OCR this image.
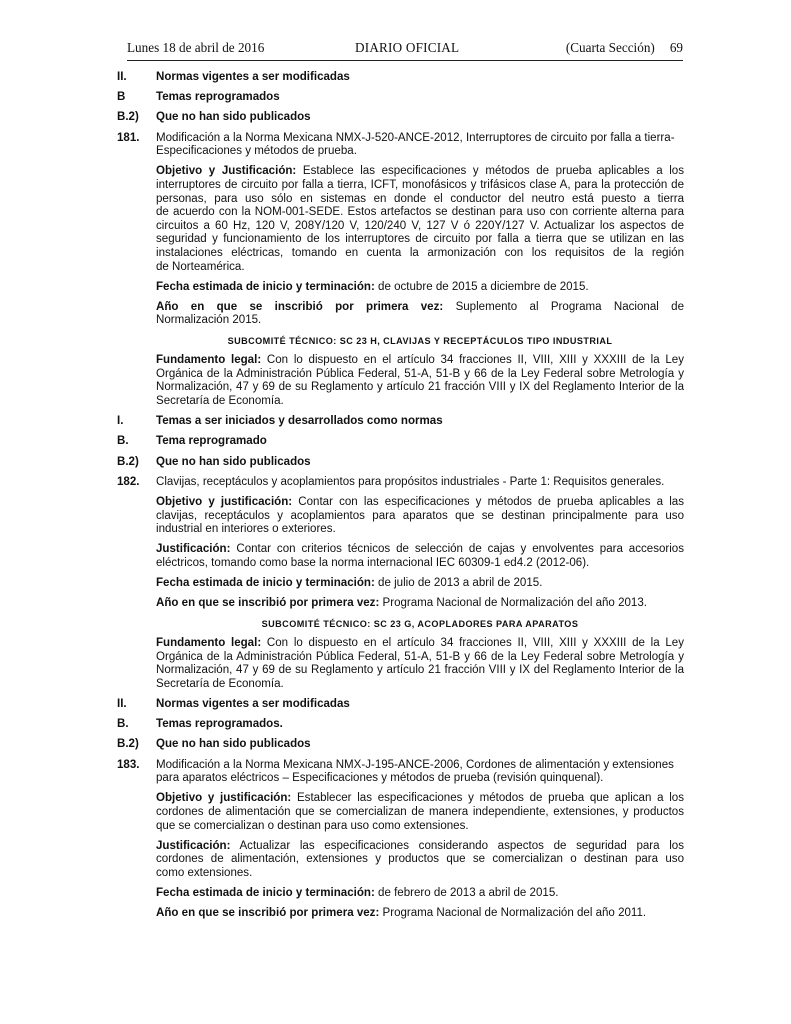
Lunes 18 de abril de 2016	DIARIO OFICIAL	(Cuarta Sección) 69
II.	Normas vigentes a ser modificadas
B	Temas reprogramados
B.2)	Que no han sido publicados
181.	Modificación a la Norma Mexicana NMX-J-520-ANCE-2012, Interruptores de circuito por falla a tierra-
Especificaciones y métodos de prueba.
Objetivo y Justificación: Establece las especificaciones y métodos de prueba aplicables a los
interruptores de circuito por falla a tierra, ICFT, monofásicos y trifásicos clase A, para la protección de
personas, para uso sólo en sistemas en donde el conductor del neutro está puesto a tierra
de acuerdo con la NOM-001-SEDE. Estos artefactos se destinan para uso con corriente alterna para
circuitos a 60 Hz, 120 V, 208Y/120 V, 120/240 V, 127 V ó 220Y/127 V. Actualizar los aspectos de
seguridad y funcionamiento de los interruptores de circuito por falla a tierra que se utilizan en las
instalaciones eléctricas, tomando en cuenta la armonización con los requisitos de la región
de Norteamérica.
Fecha estimada de inicio y terminación: de octubre de 2015 a diciembre de 2015.
Año en que se inscribió por primera vez: Suplemento al Programa Nacional de
Normalización 2015.
SUBCOMITÉ TÉCNICO: SC 23 H, CLAVIJAS Y RECEPTÁCULOS TIPO INDUSTRIAL
Fundamento legal: Con lo dispuesto en el artículo 34 fracciones II, VIII, XIII y XXXIII de la Ley
Orgánica de la Administración Pública Federal, 51-A, 51-B y 66 de la Ley Federal sobre Metrología y
Normalización, 47 y 69 de su Reglamento y artículo 21 fracción VIII y IX del Reglamento Interior de la
Secretaría de Economía.
I.	Temas a ser iniciados y desarrollados como normas
B.	Tema reprogramado
B.2)	Que no han sido publicados
182.	Clavijas, receptáculos y acoplamientos para propósitos industriales - Parte 1: Requisitos generales.
Objetivo y justificación: Contar con las especificaciones y métodos de prueba aplicables a las
clavijas, receptáculos y acoplamientos para aparatos que se destinan principalmente para uso
industrial en interiores o exteriores.
Justificación: Contar con criterios técnicos de selección de cajas y envolventes para accesorios
eléctricos, tomando como base la norma internacional IEC 60309-1 ed4.2 (2012-06).
Fecha estimada de inicio y terminación: de julio de 2013 a abril de 2015.
Año en que se inscribió por primera vez: Programa Nacional de Normalización del año 2013.
SUBCOMITÉ TÉCNICO: SC 23 G, ACOPLADORES PARA APARATOS
Fundamento legal: Con lo dispuesto en el artículo 34 fracciones II, VIII, XIII y XXXIII de la Ley
Orgánica de la Administración Pública Federal, 51-A, 51-B y 66 de la Ley Federal sobre Metrología y
Normalización, 47 y 69 de su Reglamento y artículo 21 fracción VIII y IX del Reglamento Interior de la
Secretaría de Economía.
II.	Normas vigentes a ser modificadas
B.	Temas reprogramados.
B.2)	Que no han sido publicados
183.	Modificación a la Norma Mexicana NMX-J-195-ANCE-2006, Cordones de alimentación y extensiones
para aparatos eléctricos – Especificaciones y métodos de prueba (revisión quinquenal).
Objetivo y justificación: Establecer las especificaciones y métodos de prueba que aplican a los
cordones de alimentación que se comercializan de manera independiente, extensiones, y productos
que se comercializan o destinan para uso como extensiones.
Justificación: Actualizar las especificaciones considerando aspectos de seguridad para los
cordones de alimentación, extensiones y productos que se comercializan o destinan para uso
como extensiones.
Fecha estimada de inicio y terminación: de febrero de 2013 a abril de 2015.
Año en que se inscribió por primera vez: Programa Nacional de Normalización del año 2011.
